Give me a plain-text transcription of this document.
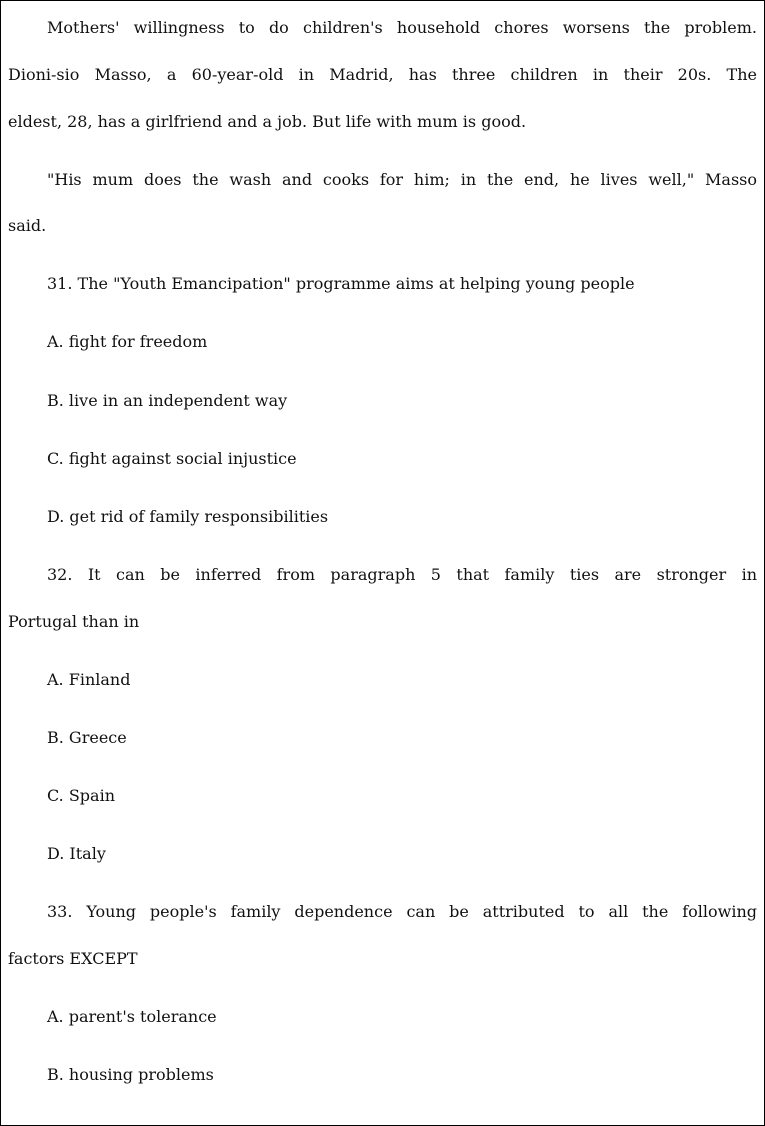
Mothers' willingness to do children's household chores worsens the problem.
Dioni-sio Masso, a 60-year-old in Madrid, has three children in their 20s. The
eldest, 28, has a girlfriend and a job. But life with mum is good.
"His mum does the wash and cooks for him; in the end, he lives well," Masso
said.
31. The "Youth Emancipation" programme aims at helping young people
A. fight for freedom
B. live in an independent way
C. fight against social injustice
D. get rid of family responsibilities
32. It can be inferred from paragraph 5 that family ties are stronger in
Portugal than in
A. Finland
B. Greece
C. Spain
D. Italy
33. Young people's family dependence can be attributed to all the following
factors EXCEPT
A. parent's tolerance
B. housing problems
